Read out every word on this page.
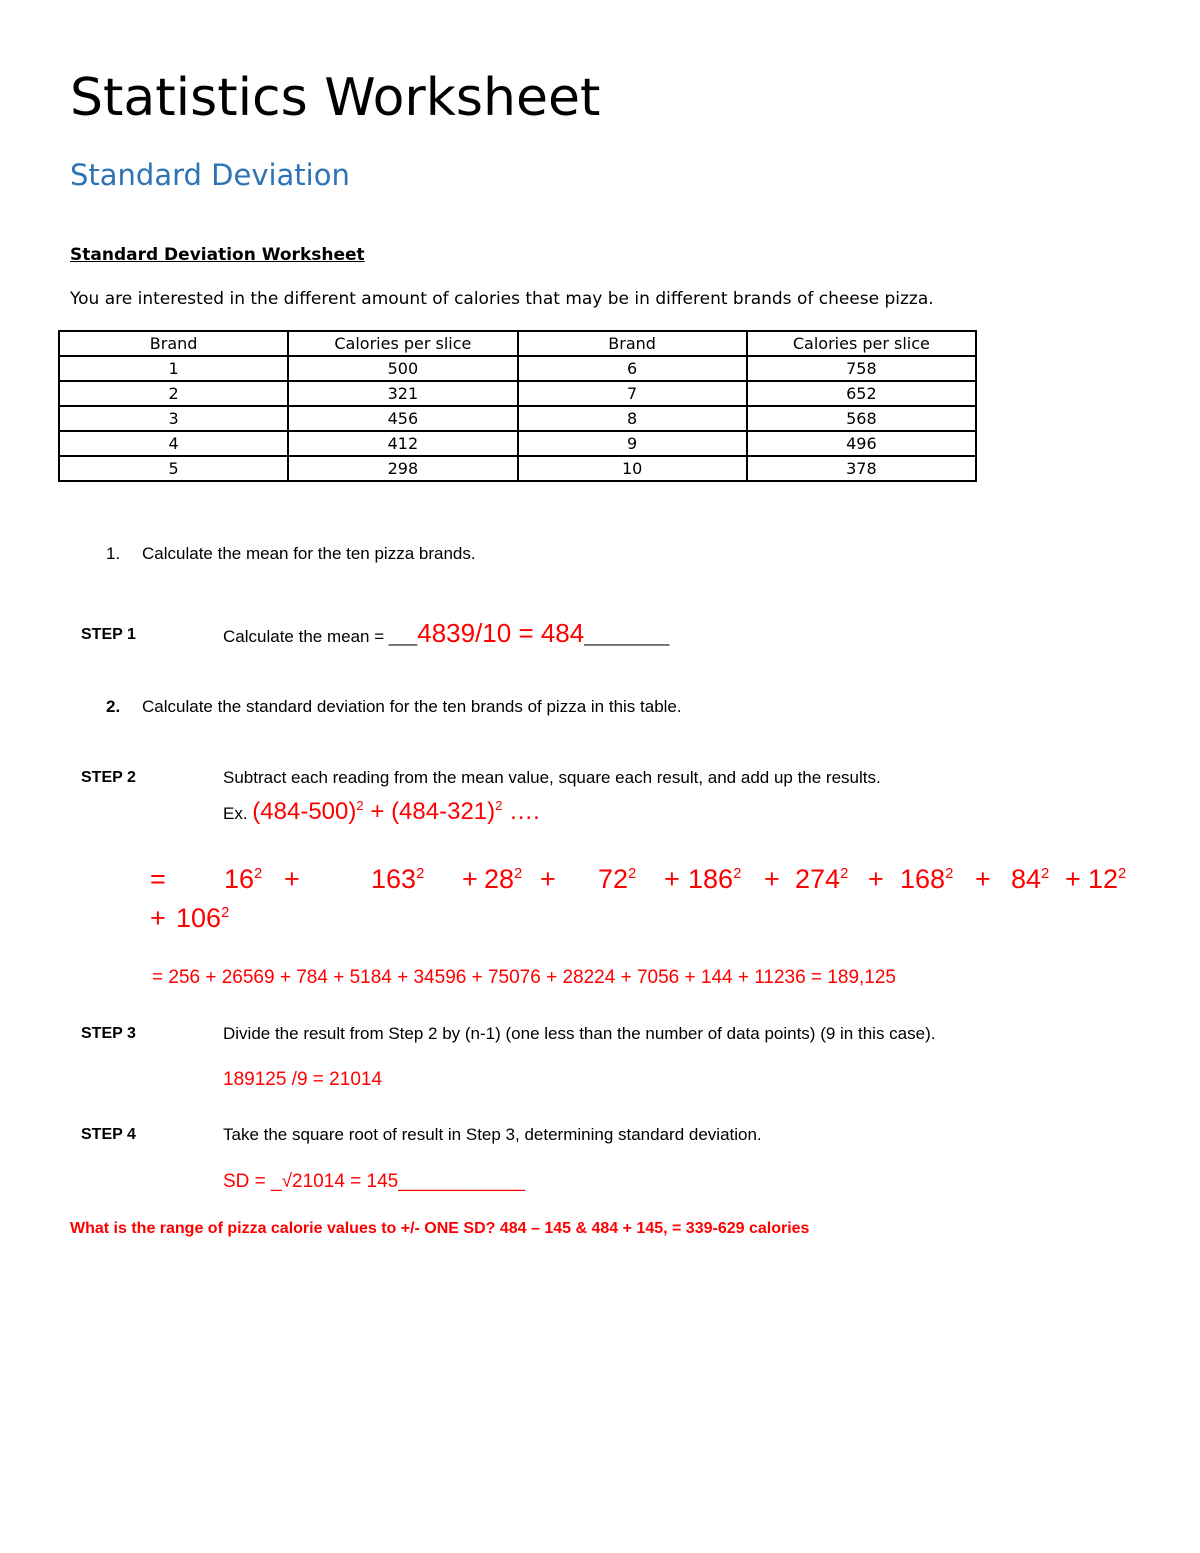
Statistics Worksheet
Standard Deviation
Standard Deviation Worksheet
You are interested in the different amount of calories that may be in different brands of cheese pizza.
Brand	Calories per slice	Brand	Calories per slice
1	500	6	758
2	321	7	652
3	456	8	568
4	412	9	496
5	298	10	378
1. Calculate the mean for the ten pizza brands.
STEP 1	Calculate the mean = ___4839/10 = 484_________
2. Calculate the standard deviation for the ten brands of pizza in this table.
STEP 2	Subtract each reading from the mean value, square each result, and add up the results.
Ex. $(484-500)^2 + (484-321)^2$ ….
= $16^2$ +	$163^2 + 28^2 + 72^2 + 186^2 + 274^2 + 168^2 + 84^2 + 12^2$
+ $106^2$
= 256 + 26569 + 784 + 5184 + 34596 + 75076 + 28224 + 7056 + 144 + 11236 = 189,125
STEP 3	Divide the result from Step 2 by (n-1) (one less than the number of data points) (9 in this case).
189125 /9 = 21014
STEP 4	Take the square root of result in Step 3, determining standard deviation.
SD = _√21014 = 145____________
What is the range of pizza calorie values to +/- ONE SD? 484 – 145 & 484 + 145, = 339-629 calories
